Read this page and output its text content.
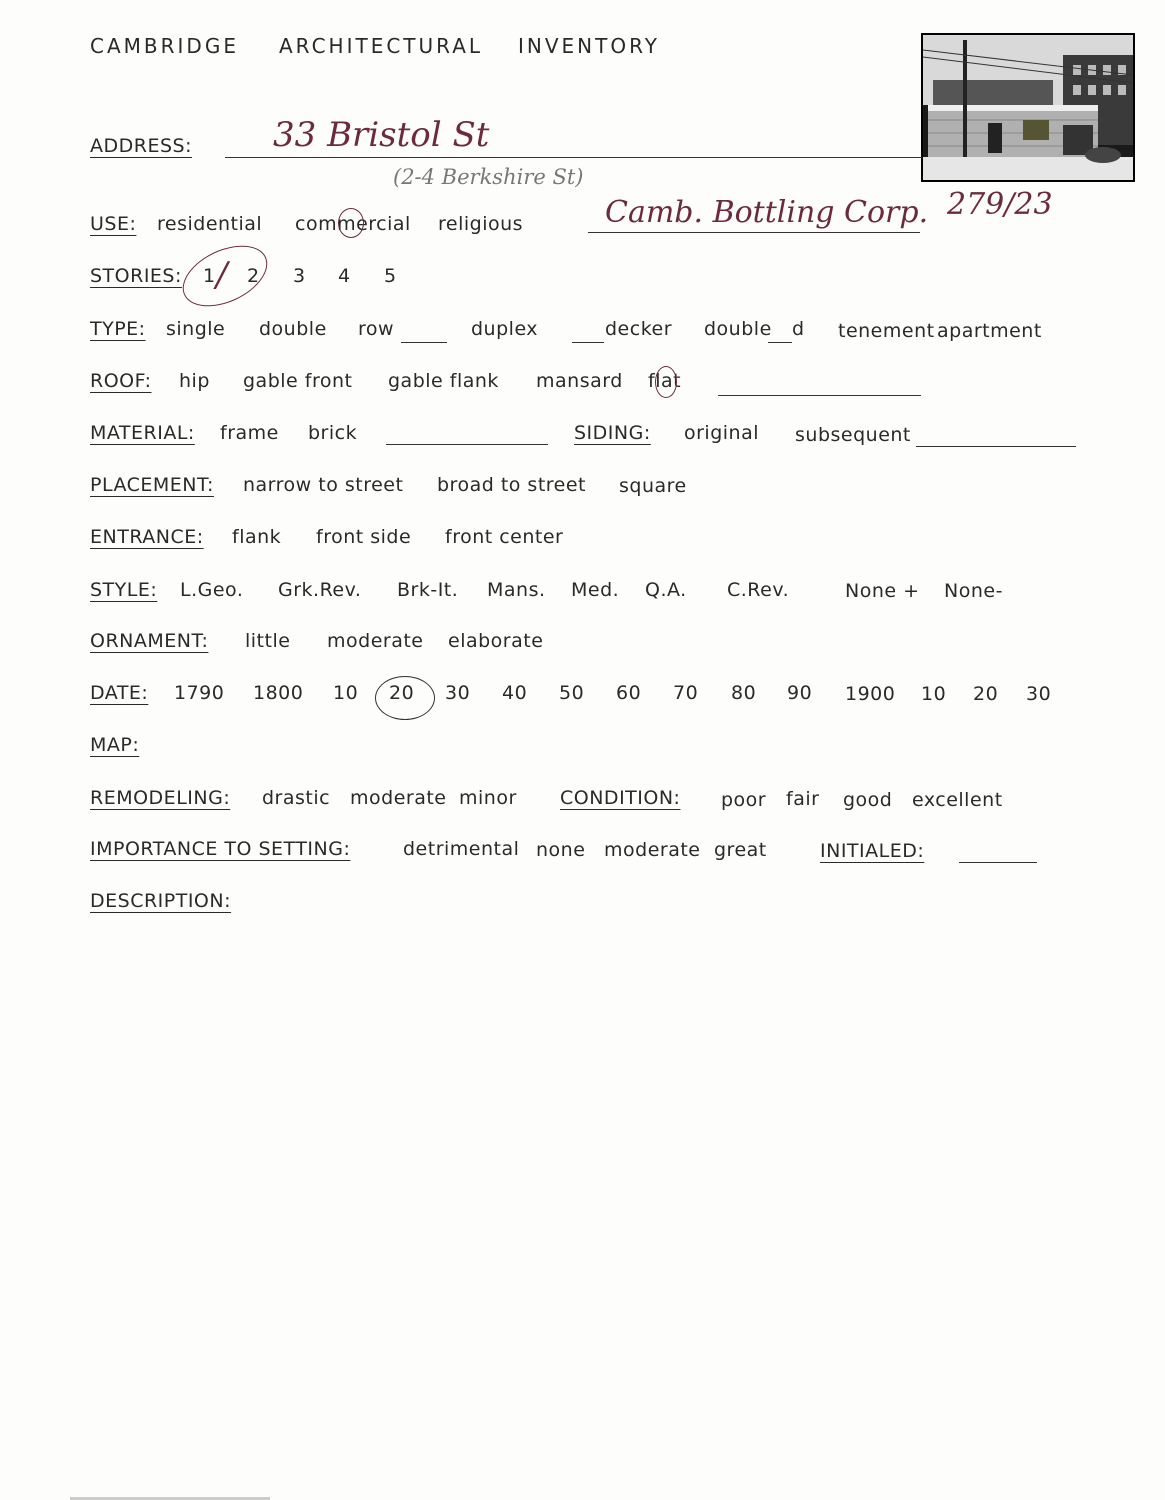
CAMBRIDGE ARCHITECTURAL INVENTORY
279/23
ADDRESS: 33 Bristol St
(2-4 Berkshire St)
USE: residential commercial religious	Camb. Bottling Corp.
STORIES: 1 / 2 3 4 5
TYPE: single double row	duplex	decker double d tenement apartment
ROOF: hip gable front gable flank mansard flat
MATERIAL: frame brick	SIDING: original subsequent
PLACEMENT: narrow to street broad to street square
ENTRANCE: flank front side front center
STYLE: L.Geo. Grk.Rev. Brk-It. Mans. Med. Q.A. C.Rev.	None + None-
ORNAMENT: little moderate elaborate
DATE: 1790 1800 10 20 30 40 50 60 70 80 90 1900 10 20 30
MAP:
REMODELING: drastic moderate minor CONDITION: poor fair good excellent
IMPORTANCE TO SETTING:	detrimental none moderate great	INITIALED:
DESCRIPTION:
